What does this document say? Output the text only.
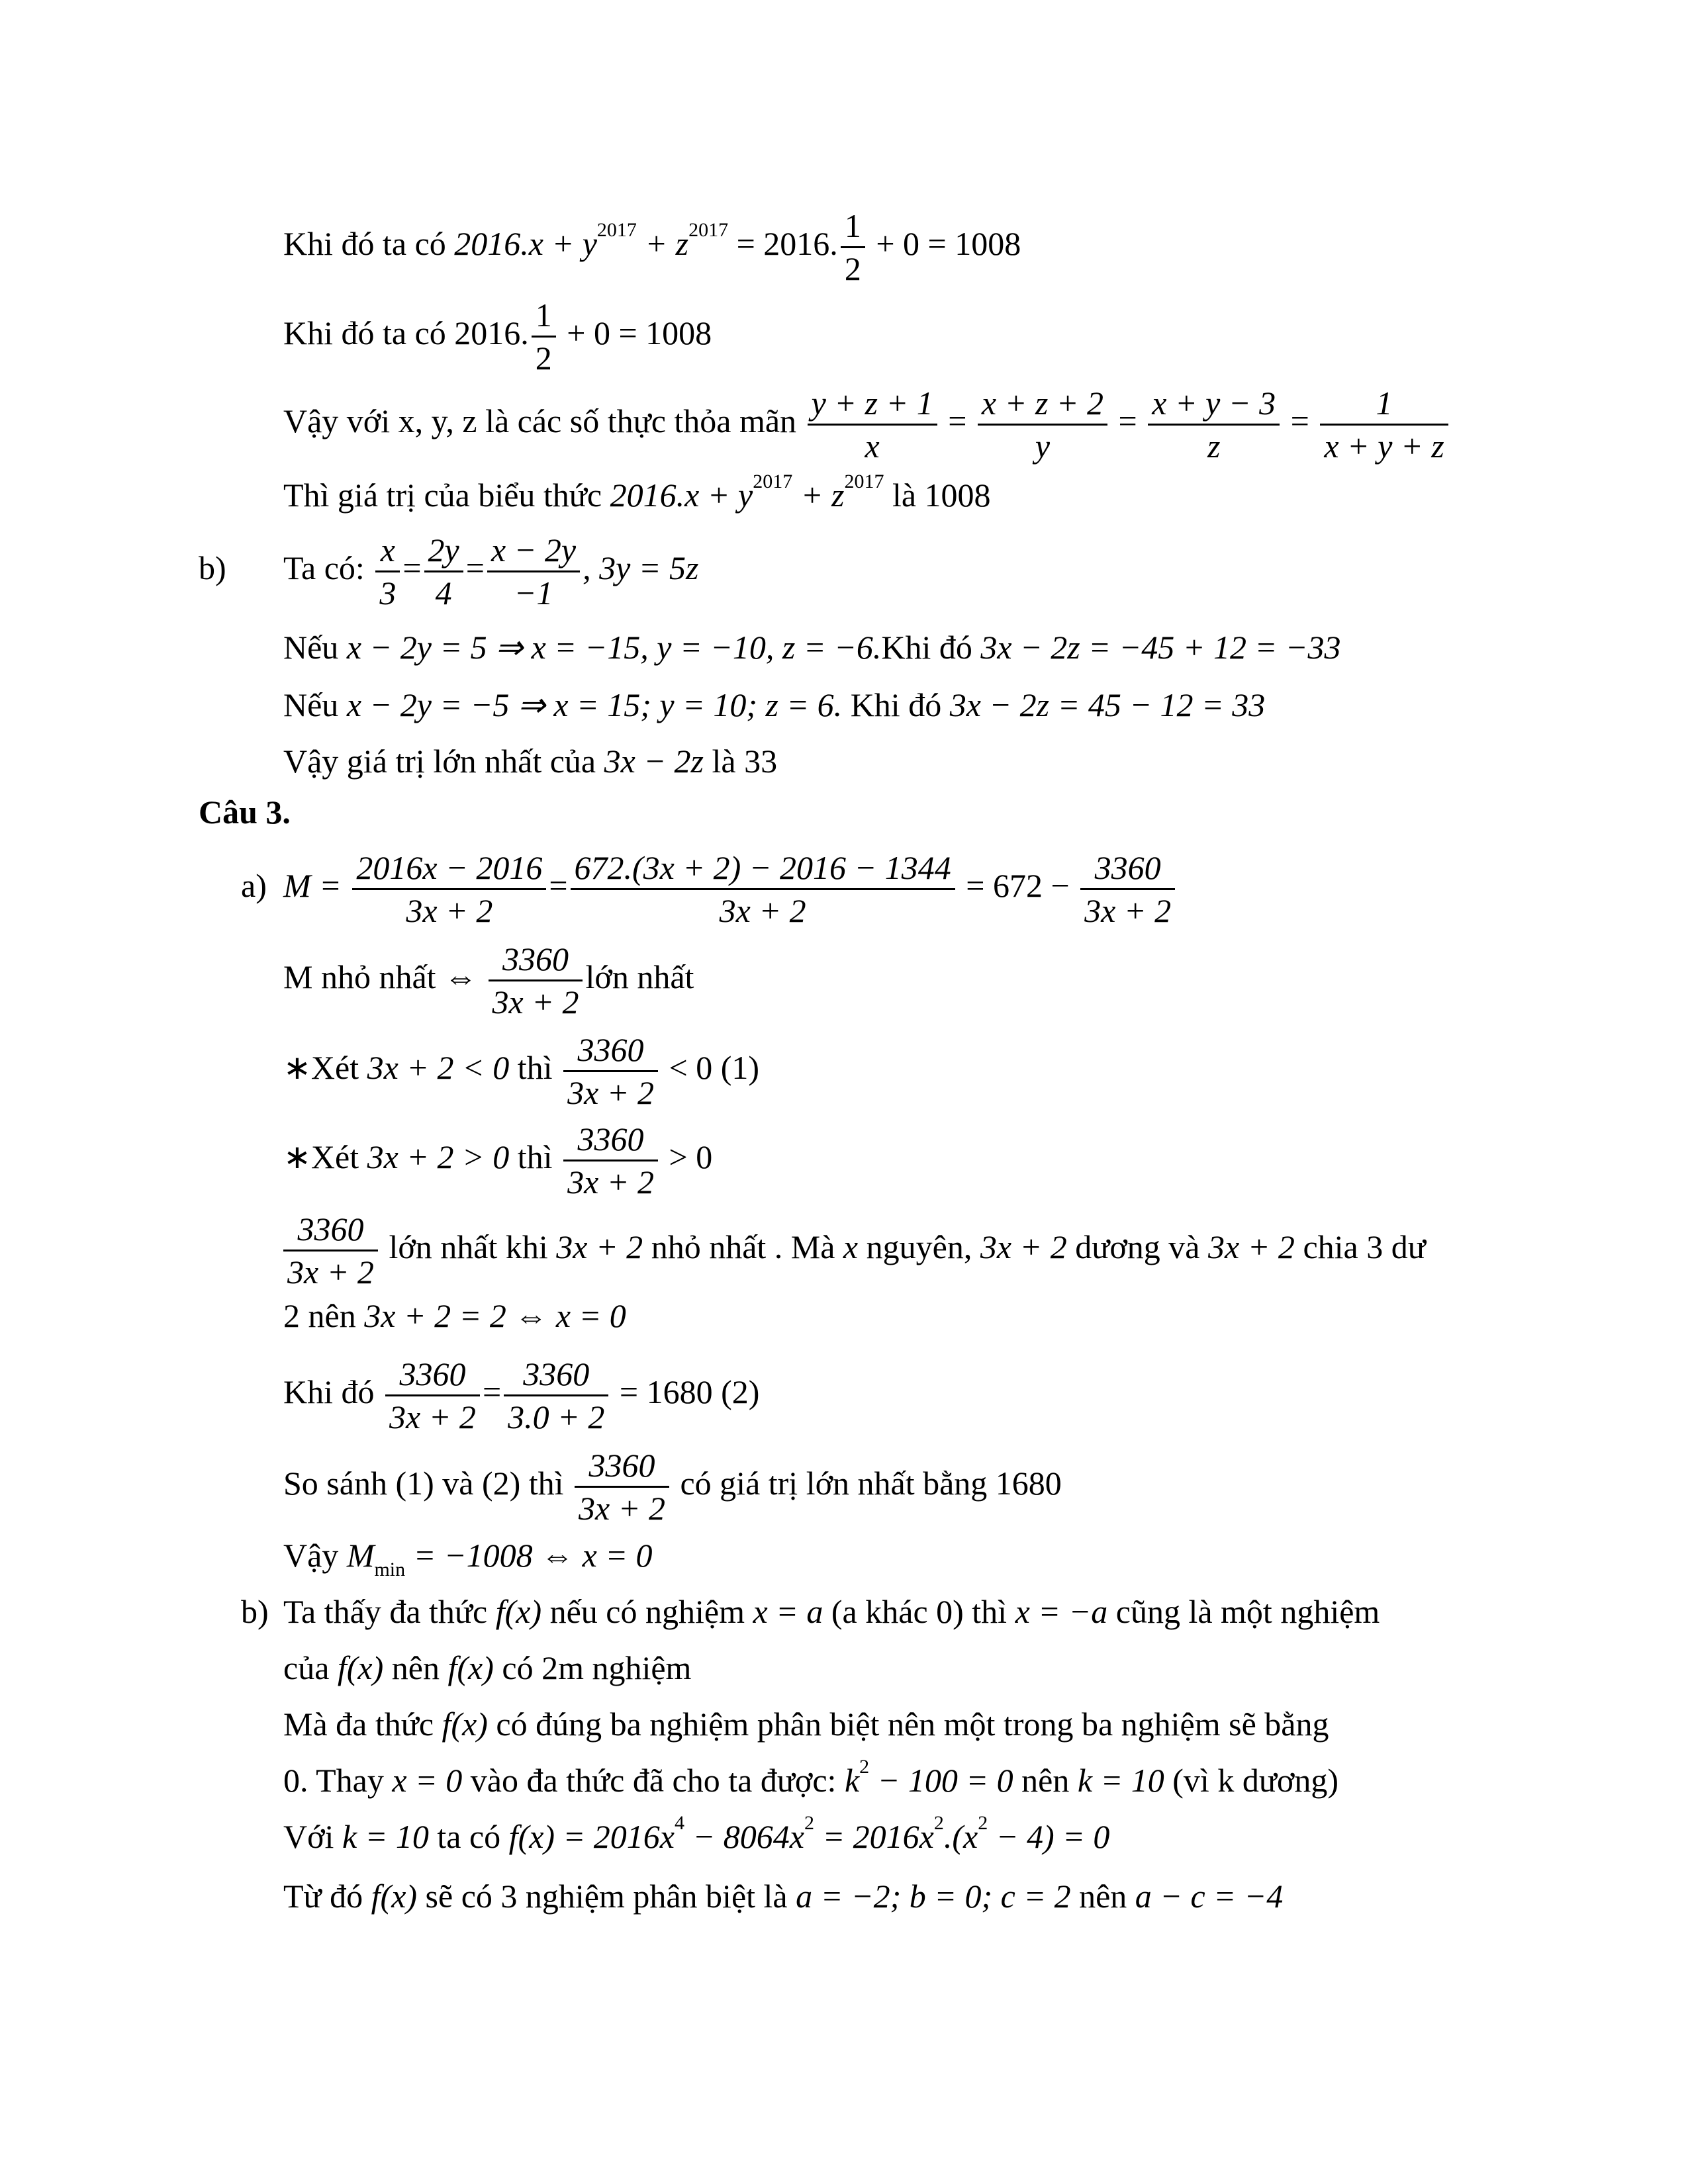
Khi đó ta có $2016.x + y^{2017} + z^{2017} = 2016$. $\frac{1}{2} + 0 = 1008$
Khi đó ta có 2016. $\frac{1}{2} + 0 = 1008$
Vậy với x, y, z là các số thực thỏa mãn $\frac{y + z + 1}{x} = \frac{x + z + 2}{y} = \frac{x + y - 3}{z} = \frac{1}{x + y + z}$
Thì giá trị của biểu thức $2016.x + y^{2017} + z^{2017}$ là 1008
b) Ta có: $\frac{x}{3} = \frac{2y}{4} = \frac{x - 2y}{-1}$ , 3y = 5z
Nếu x − 2y = 5 ⇒ x = −15, y = −10, z = −6.Khi đó 3x − 2z = −45 + 12 = −33
Nếu x − 2y = −5 ⇒ x = 15; y = 10; z = 6. Khi đó 3x − 2z = 45 − 12 = 33
Vậy giá trị lớn nhất của 3x − 2z là 33
Câu 3.
a) $M = \frac{2016x - 2016}{3x + 2} = \frac{672.(3x + 2) - 2016 - 1344}{3x + 2} = 672 - \frac{3360}{3x + 2}$
M nhỏ nhất ⇔ $\frac{3360}{3x + 2}$ lớn nhất
∗Xét 3x + 2 < 0 thì $\frac{3360}{3x + 2} < 0$ (1)
∗Xét 3x + 2 > 0 thì $\frac{3360}{3x + 2} > 0$
$\frac{3360}{3x + 2}$ lớn nhất khi 3x + 2 nhỏ nhất . Mà x nguyên, 3x + 2 dương và 3x + 2 chia 3 dư
2 nên 3x + 2 = 2 ⇔ x = 0
Khi đó $\frac{3360}{3x + 2} = \frac{3360}{3.0 + 2} = 1680$ (2)
So sánh (1) và (2) thì $\frac{3360}{3x + 2}$ có giá trị lớn nhất bằng 1680
Vậy $M_{min} = -1008$ ⇔ x = 0
b) Ta thấy đa thức f(x) nếu có nghiệm x = a (a khác 0) thì x = −a cũng là một nghiệm
của f(x) nên f(x) có 2m nghiệm
Mà đa thức f(x) có đúng ba nghiệm phân biệt nên một trong ba nghiệm sẽ bằng
0. Thay x = 0 vào đa thức đã cho ta được: $k^2 - 100 = 0$ nên k = 10 (vì k dương)
Với k = 10 ta có $f(x) = 2016x^4 - 8064x^2 = 2016x^2.(x^2 - 4) = 0$
Từ đó f(x) sẽ có 3 nghiệm phân biệt là a = −2; b = 0; c = 2 nên a − c = −4
